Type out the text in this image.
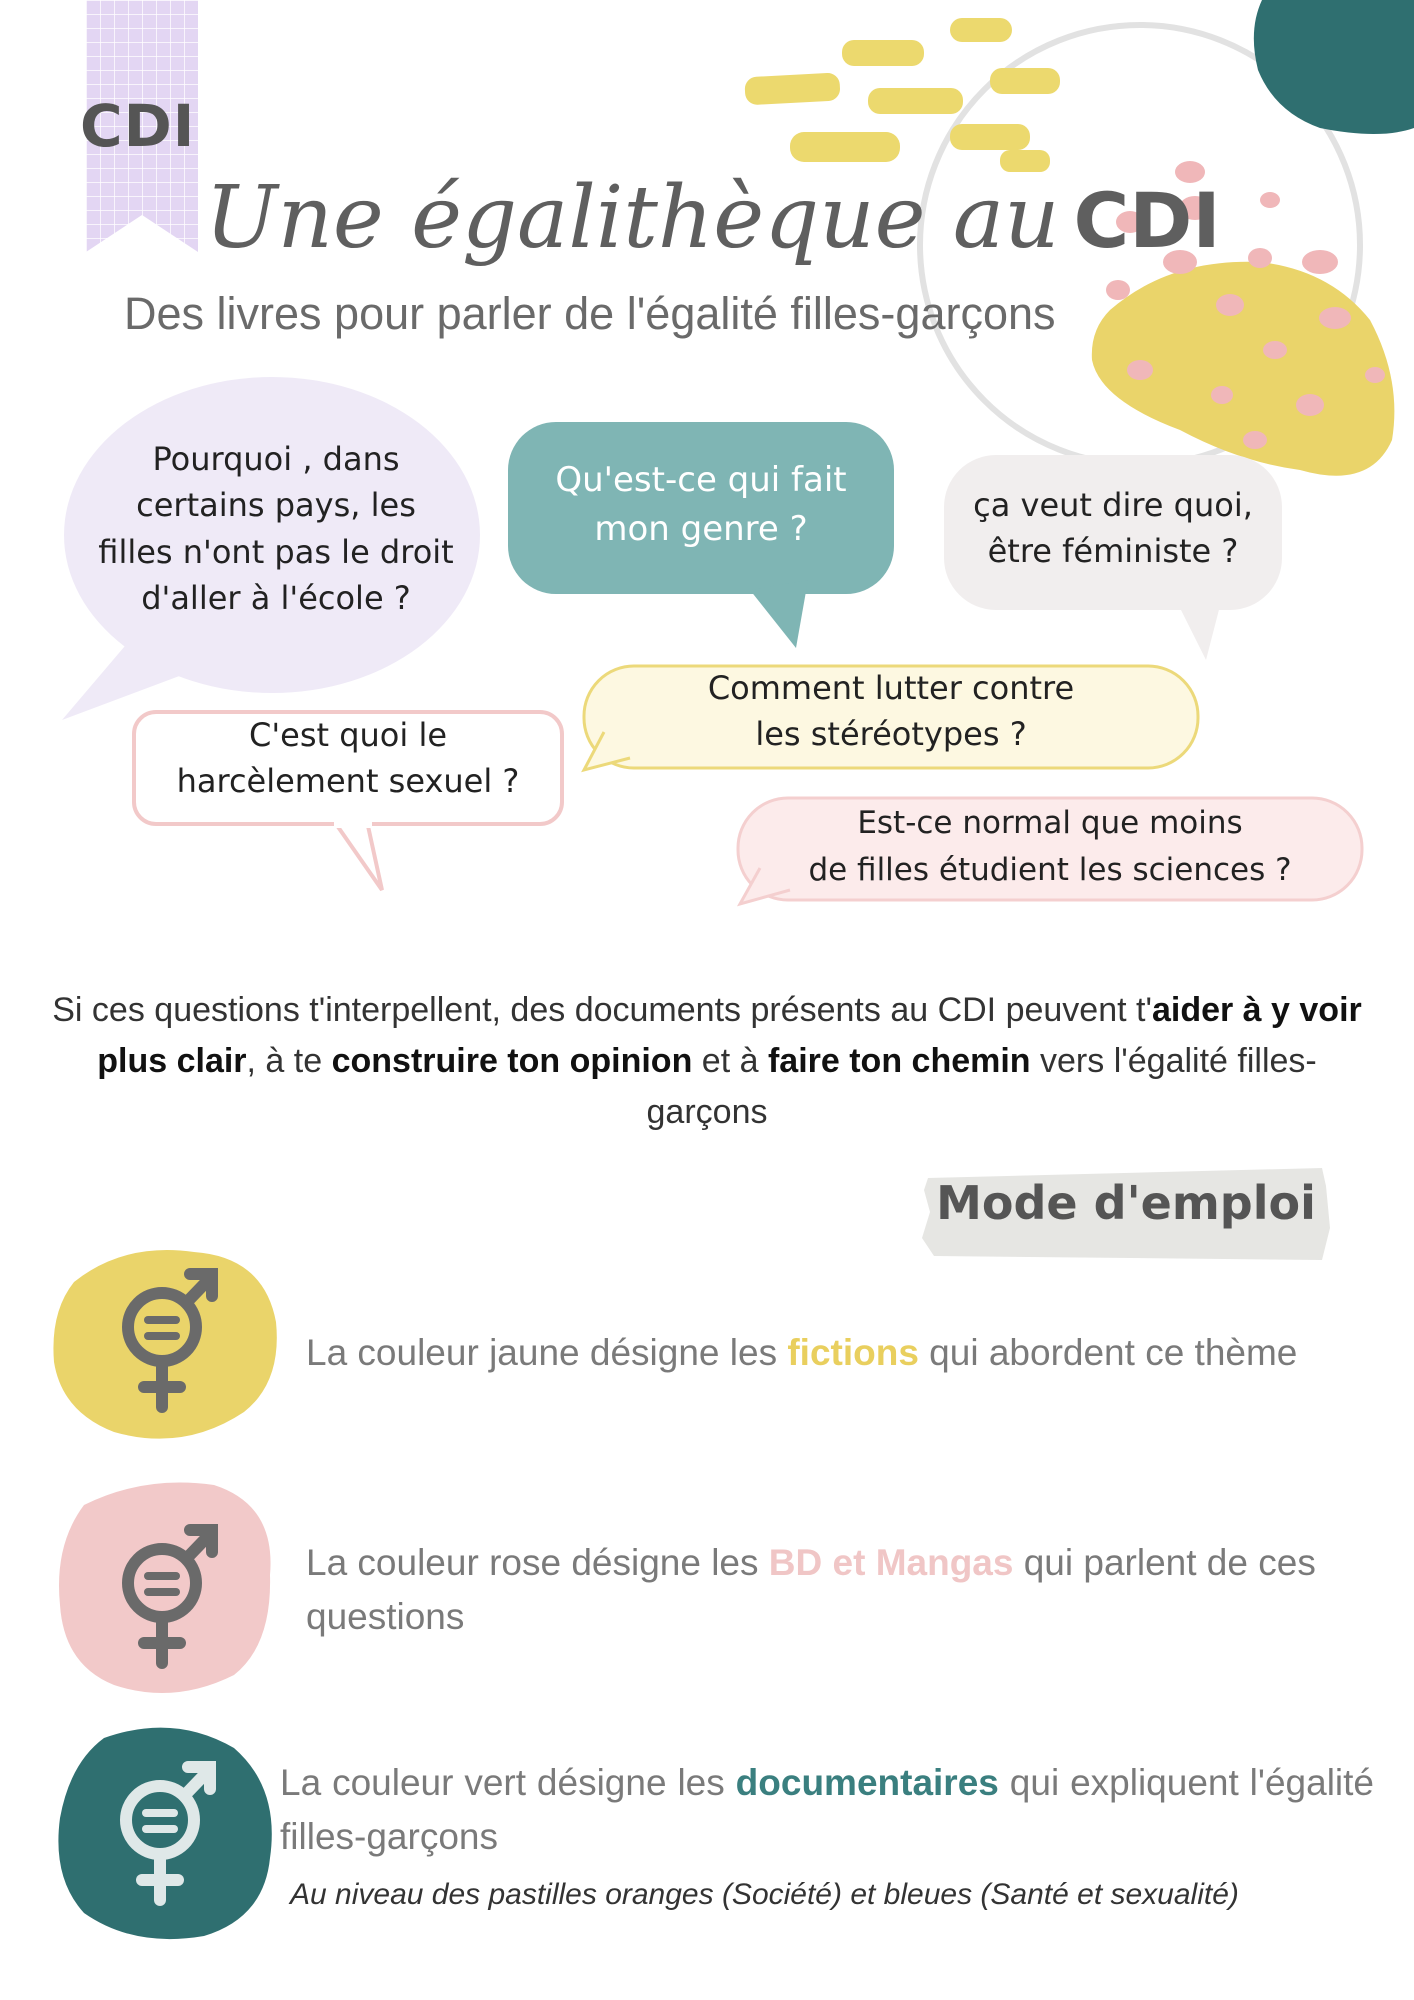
CDI
Une égalithèque au CDI
Des livres pour parler de l'égalité filles-garçons
Pourquoi , dans
certains pays, les
filles n'ont pas le droit
d'aller à l'école ?
Qu'est-ce qui fait
mon genre ?
ça veut dire quoi,
être féministe ?
C'est quoi le
harcèlement sexuel ?
Comment lutter contre
les stéréotypes ?
Est-ce normal que moins
de filles étudient les sciences ?
Si ces questions t'interpellent, des documents présents au CDI peuvent t'aider à y voir plus clair, à te construire ton opinion et à faire ton chemin vers l'égalité filles-garçons
Mode d'emploi
La couleur jaune désigne les fictions qui abordent ce thème
La couleur rose désigne les BD et Mangas qui parlent de ces questions
La couleur vert désigne les documentaires qui expliquent l'égalité filles-garçons
Au niveau des pastilles oranges (Société) et bleues (Santé et sexualité)
